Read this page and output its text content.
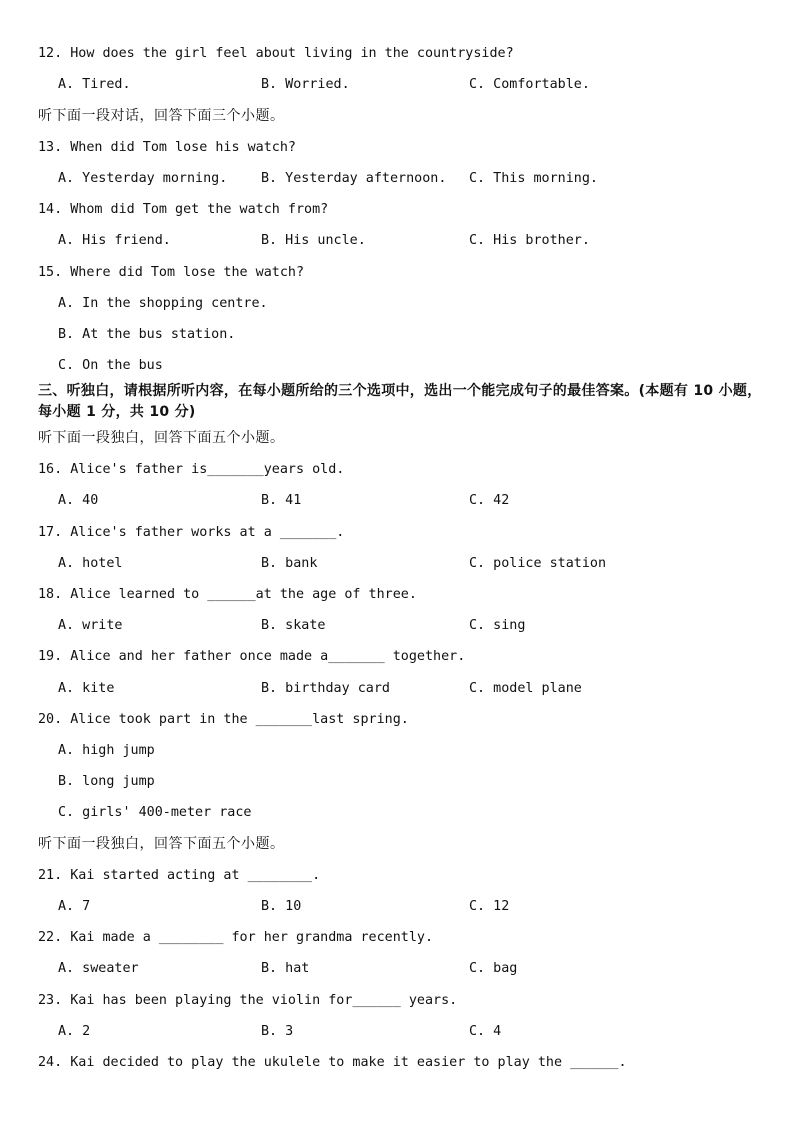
12. How does the girl feel about living in the countryside?
A. Tired.	B. Worried.	C. Comfortable.
听下面一段对话，回答下面三个小题。
13. When did Tom lose his watch?
A. Yesterday morning.	B. Yesterday afternoon. C. This morning.
14. Whom did Tom get the watch from?
A. His friend.	B. His uncle.	C. His brother.
15. Where did Tom lose the watch?
A. In the shopping centre.
B. At the bus station.
C. On the bus
三、听独白，请根据所听内容，在每小题所给的三个选项中，选出一个能完成句子的最佳答案。(本题有 10 小题，每小题 1 分，共 10 分)
听下面一段独白，回答下面五个小题。
16. Alice's father is_______years old.
A. 40	B. 41	C. 42
17. Alice's father works at a _______.
A. hotel	B. bank	C. police station
18. Alice learned to ______at the age of three.
A. write	B. skate	C. sing
19. Alice and her father once made a_______ together.
A. kite	B. birthday card	C. model plane
20. Alice took part in the _______last spring.
A. high jump
B. long jump
C. girls' 400-meter race
听下面一段独白，回答下面五个小题。
21. Kai started acting at ________.
A. 7	B. 10	C. 12
22. Kai made a ________ for her grandma recently.
A. sweater	B. hat	C. bag
23. Kai has been playing the violin for______ years.
A. 2	B. 3	C. 4
24. Kai decided to play the ukulele to make it easier to play the ______.
